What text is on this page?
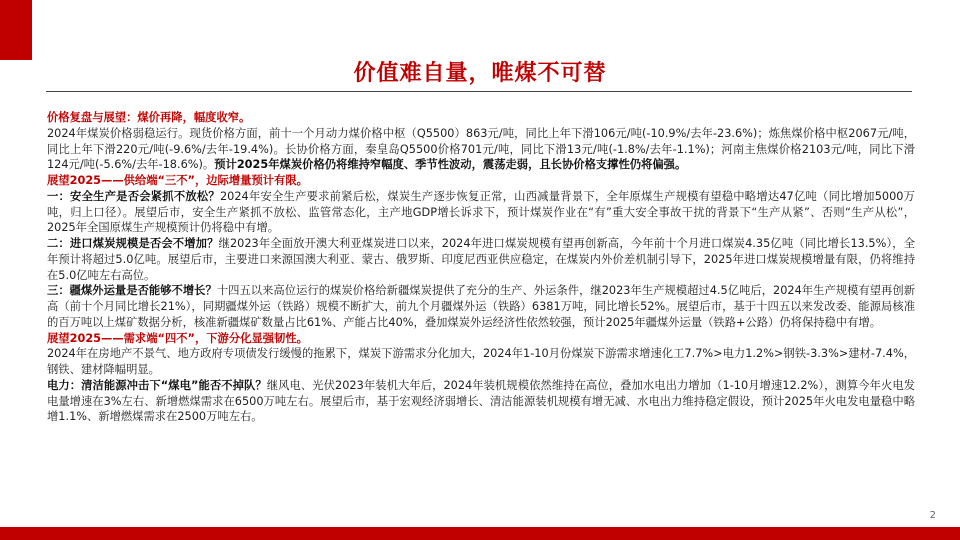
价值难自量，唯煤不可替

价格复盘与展望：煤价再降，幅度收窄。

2024年煤炭价格弱稳运行。现货价格方面，前十一个月动力煤价格中枢（Q5500）863元/吨，同比上年下滑106元/吨(-10.9%/去年-23.6%)；炼焦煤价格中枢2067元/吨，同比上年下滑220元/吨(-9.6%/去年-19.4%)。长协价格方面，秦皇岛Q5500价格701元/吨，同比下滑13元/吨(-1.8%/去年-1.1%)；河南主焦煤价格2103元/吨，同比下滑124元/吨(-5.6%/去年-18.6%)。预计2025年煤炭价格仍将维持窄幅度、季节性波动，震荡走弱，且长协价格支撑性仍将偏强。

展望2025——供给端“三不”，边际增量预计有限。

一：安全生产是否会紧抓不放松？2024年安全生产要求前紧后松，煤炭生产逐步恢复正常，山西减量背景下，全年原煤生产规模有望稳中略增达47亿吨（同比增加5000万吨，归上口径）。展望后市，安全生产紧抓不放松、监管常态化，主产地GDP增长诉求下，预计煤炭作业在“有”重大安全事故干扰的背景下“生产从紧”、否则“生产从松”，2025年全国原煤生产规模预计仍将稳中有增。

二：进口煤炭规模是否会不增加？继2023年全面放开澳大利亚煤炭进口以来，2024年进口煤炭规模有望再创新高，今年前十个月进口煤炭4.35亿吨（同比增长13.5%），全年预计将超过5.0亿吨。展望后市，主要进口来源国澳大利亚、蒙古、俄罗斯、印度尼西亚供应稳定，在煤炭内外价差机制引导下，2025年进口煤炭规模增量有限，仍将维持在5.0亿吨左右高位。

三：疆煤外运量是否能够不增长？十四五以来高位运行的煤炭价格给新疆煤炭提供了充分的生产、外运条件，继2023年生产规模超过4.5亿吨后，2024年生产规模有望再创新高（前十个月同比增长21%），同期疆煤外运（铁路）规模不断扩大，前九个月疆煤外运（铁路）6381万吨，同比增长52%。展望后市，基于十四五以来发改委、能源局核准的百万吨以上煤矿数据分析，核准新疆煤矿数量占比61%、产能占比40%，叠加煤炭外运经济性依然较强，预计2025年疆煤外运量（铁路+公路）仍将保持稳中有增。

展望2025——需求端“四不”，下游分化显强韧性。

2024年在房地产不景气、地方政府专项债发行缓慢的拖累下，煤炭下游需求分化加大，2024年1-10月份煤炭下游需求增速化工7.7%>电力1.2%>钢铁-3.3%>建材-7.4%，钢铁、建材降幅明显。

电力：清洁能源冲击下“煤电”能否不掉队？继风电、光伏2023年装机大年后，2024年装机规模依然维持在高位，叠加水电出力增加（1-10月增速12.2%），测算今年火电发电量增速在3%左右、新增燃煤需求在6500万吨左右。展望后市，基于宏观经济弱增长、清洁能源装机规模有增无减、水电出力维持稳定假设，预计2025年火电发电量稳中略增1.1%、新增燃煤需求在2500万吨左右。

2
